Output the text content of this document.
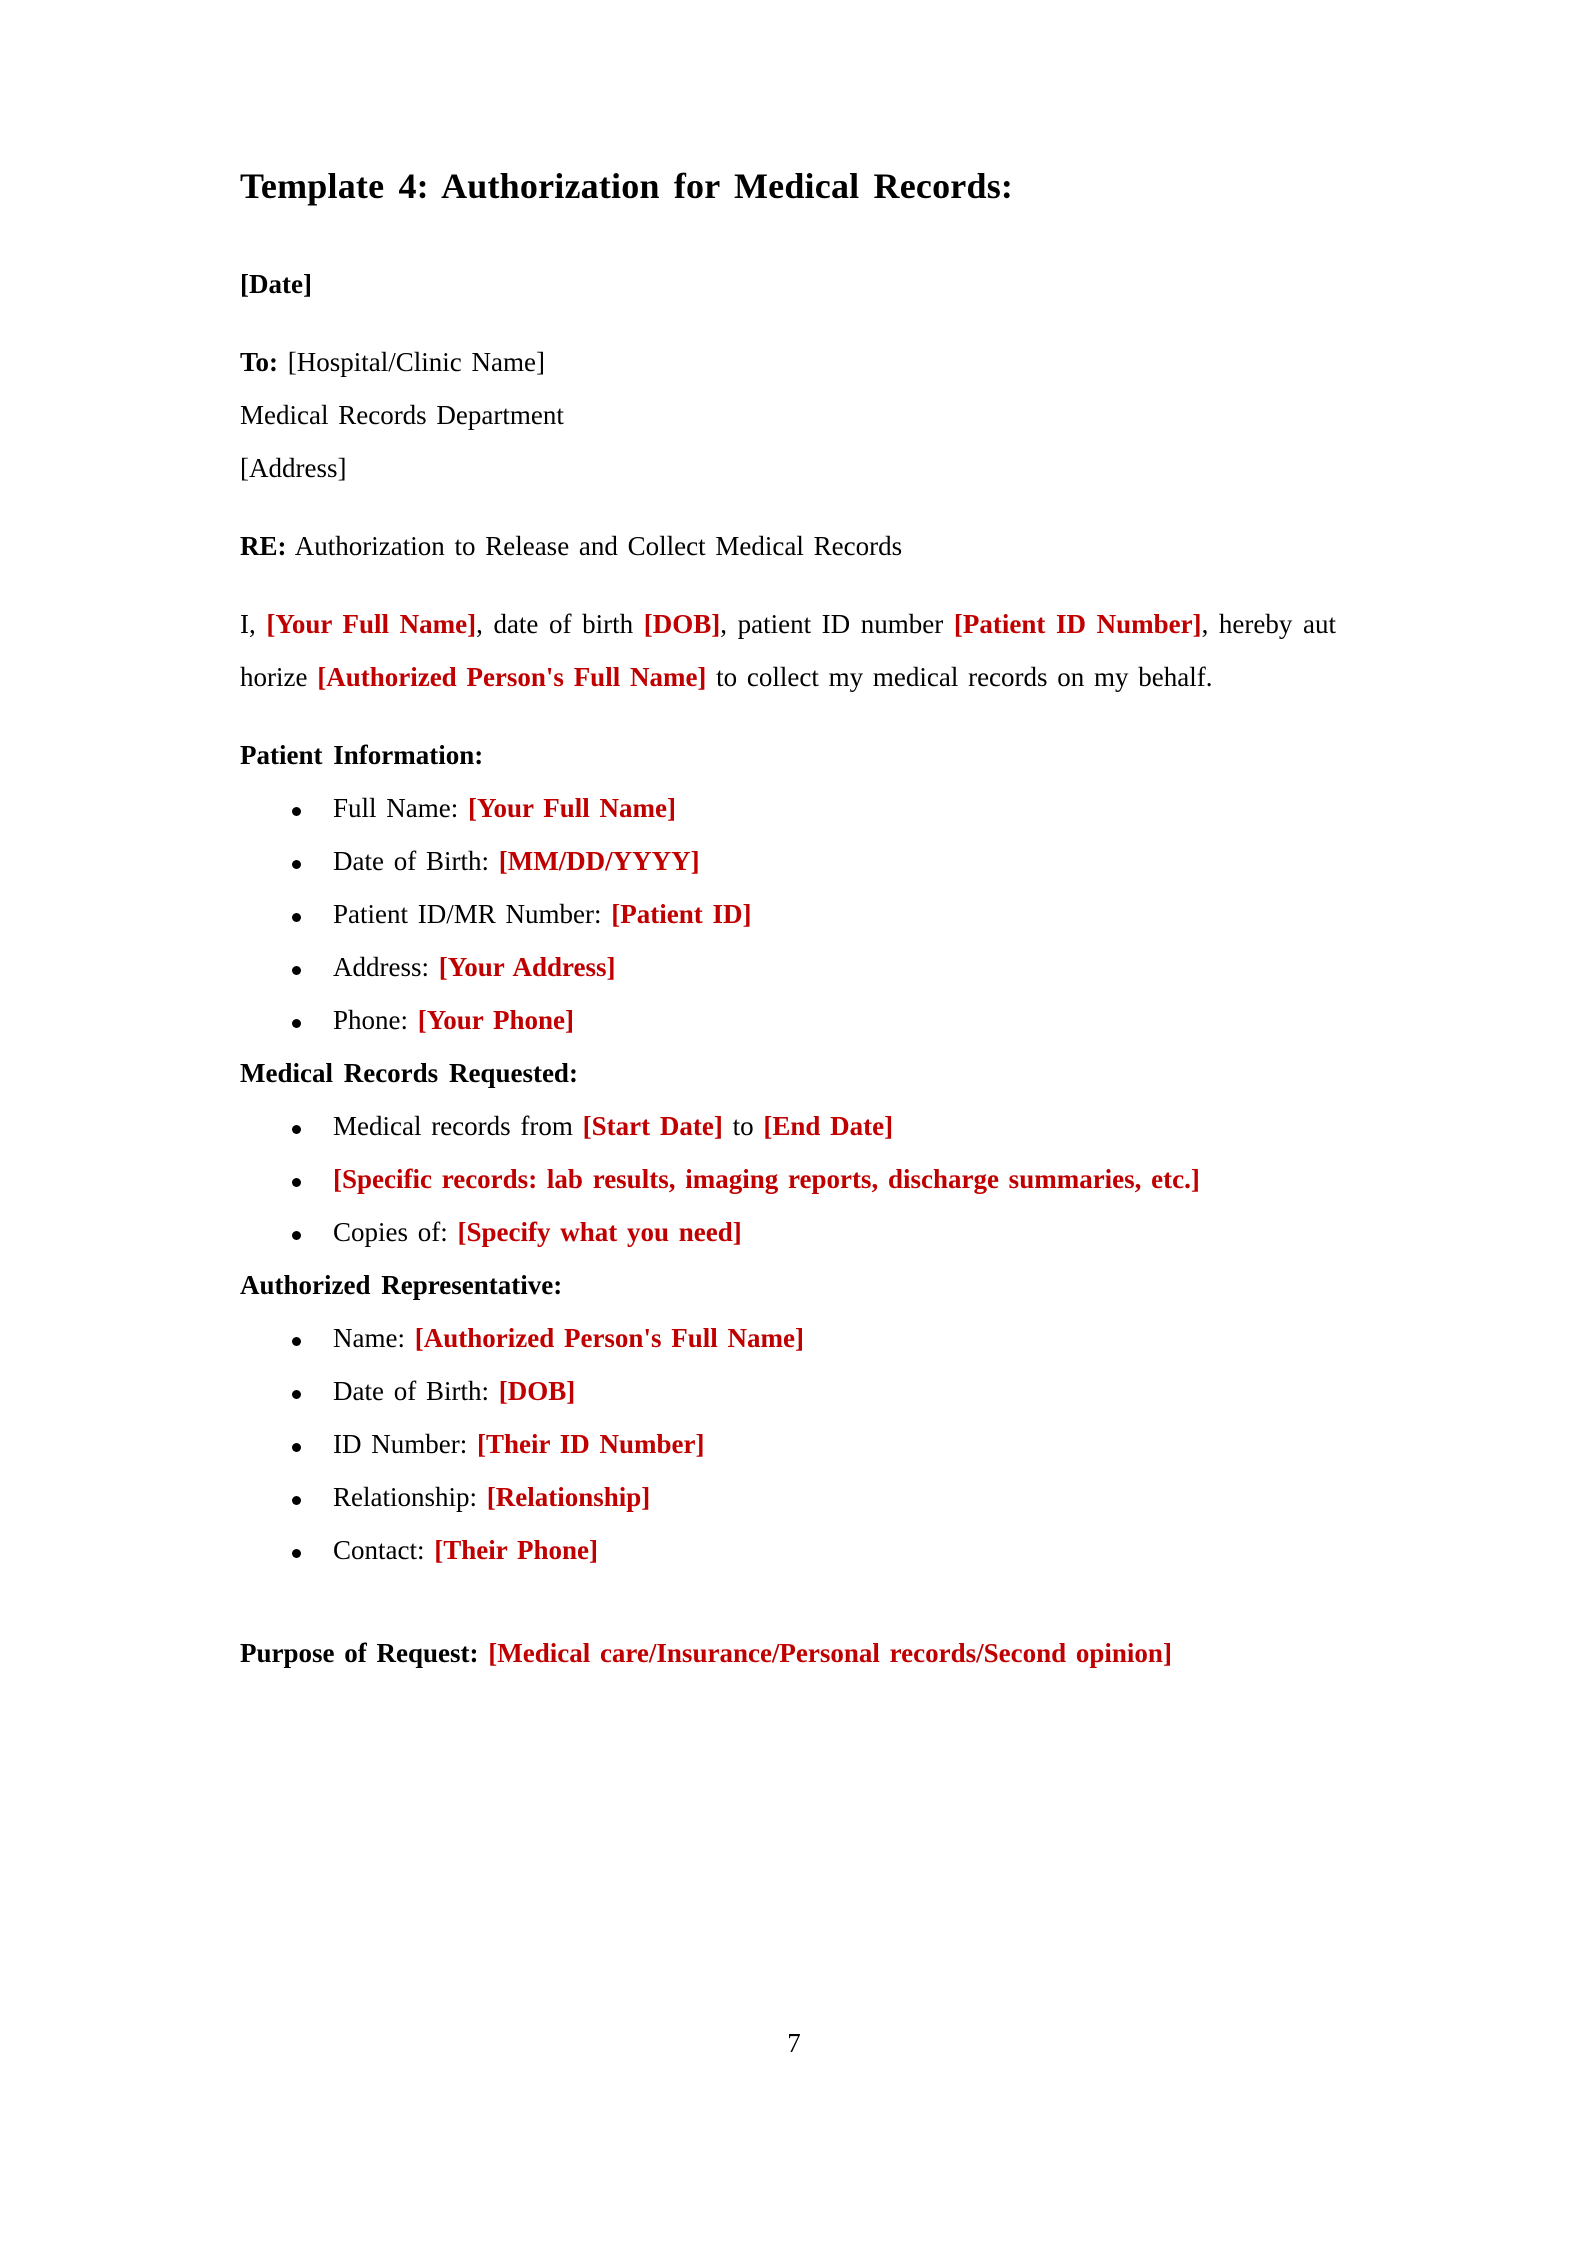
Template 4: Authorization for Medical Records:

[Date]

To: [Hospital/Clinic Name]

Medical Records Department

[Address]

RE: Authorization to Release and Collect Medical Records

I, [Your Full Name], date of birth [DOB], patient ID number [Patient ID Number], hereby authorize [Authorized Person's Full Name] to collect my medical records on my behalf.

Patient Information:

Full Name: [Your Full Name]
Date of Birth: [MM/DD/YYYY]
Patient ID/MR Number: [Patient ID]
Address: [Your Address]
Phone: [Your Phone]

Medical Records Requested:

Medical records from [Start Date] to [End Date]
[Specific records: lab results, imaging reports, discharge summaries, etc.]
Copies of: [Specify what you need]

Authorized Representative:

Name: [Authorized Person's Full Name]
Date of Birth: [DOB]
ID Number: [Their ID Number]
Relationship: [Relationship]
Contact: [Their Phone]

Purpose of Request: [Medical care/Insurance/Personal records/Second opinion]

7
